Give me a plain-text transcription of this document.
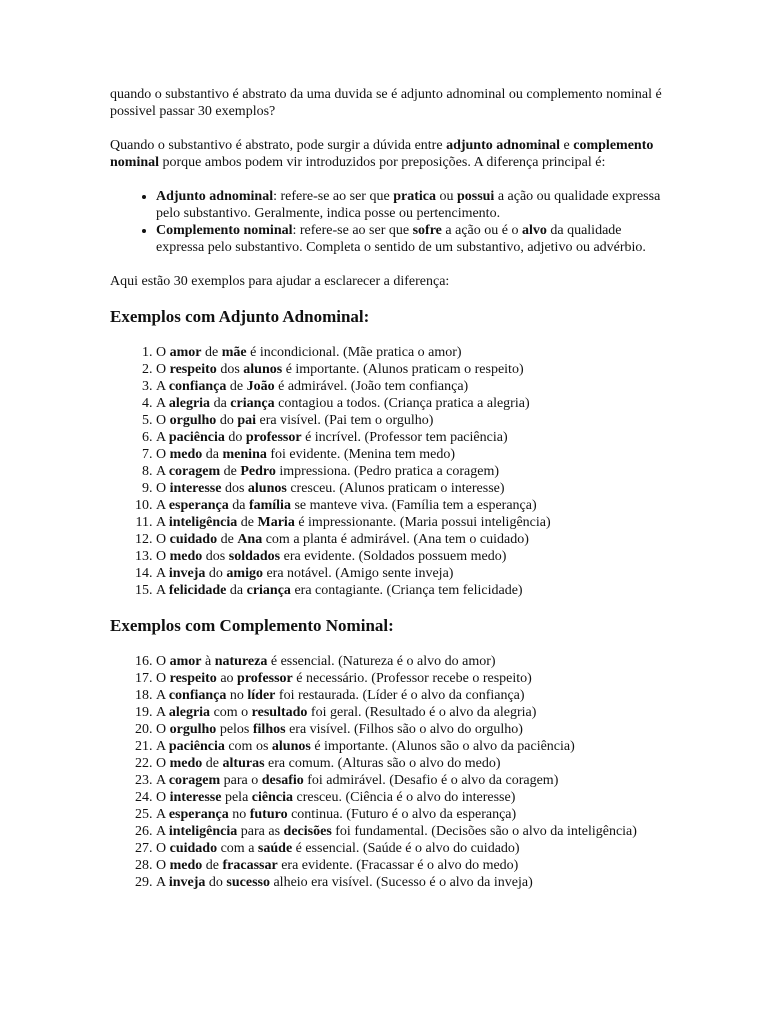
quando o substantivo é abstrato da uma duvida se é adjunto adnominal ou complemento nominal é possivel passar 30 exemplos?

Quando o substantivo é abstrato, pode surgir a dúvida entre adjunto adnominal e complemento nominal porque ambos podem vir introduzidos por preposições. A diferença principal é:

• Adjunto adnominal: refere-se ao ser que pratica ou possui a ação ou qualidade expressa pelo substantivo. Geralmente, indica posse ou pertencimento.
• Complemento nominal: refere-se ao ser que sofre a ação ou é o alvo da qualidade expressa pelo substantivo. Completa o sentido de um substantivo, adjetivo ou advérbio.

Aqui estão 30 exemplos para ajudar a esclarecer a diferença:

Exemplos com Adjunto Adnominal:
1. O amor de mãe é incondicional. (Mãe pratica o amor)
2. O respeito dos alunos é importante. (Alunos praticam o respeito)
3. A confiança de João é admirável. (João tem confiança)
4. A alegria da criança contagiou a todos. (Criança pratica a alegria)
5. O orgulho do pai era visível. (Pai tem o orgulho)
6. A paciência do professor é incrível. (Professor tem paciência)
7. O medo da menina foi evidente. (Menina tem medo)
8. A coragem de Pedro impressiona. (Pedro pratica a coragem)
9. O interesse dos alunos cresceu. (Alunos praticam o interesse)
10. A esperança da família se manteve viva. (Família tem a esperança)
11. A inteligência de Maria é impressionante. (Maria possui inteligência)
12. O cuidado de Ana com a planta é admirável. (Ana tem o cuidado)
13. O medo dos soldados era evidente. (Soldados possuem medo)
14. A inveja do amigo era notável. (Amigo sente inveja)
15. A felicidade da criança era contagiante. (Criança tem felicidade)
Exemplos com Complemento Nominal:
16. O amor à natureza é essencial. (Natureza é o alvo do amor)
17. O respeito ao professor é necessário. (Professor recebe o respeito)
18. A confiança no líder foi restaurada. (Líder é o alvo da confiança)
19. A alegria com o resultado foi geral. (Resultado é o alvo da alegria)
20. O orgulho pelos filhos era visível. (Filhos são o alvo do orgulho)
21. A paciência com os alunos é importante. (Alunos são o alvo da paciência)
22. O medo de alturas era comum. (Alturas são o alvo do medo)
23. A coragem para o desafio foi admirável. (Desafio é o alvo da coragem)
24. O interesse pela ciência cresceu. (Ciência é o alvo do interesse)
25. A esperança no futuro continua. (Futuro é o alvo da esperança)
26. A inteligência para as decisões foi fundamental. (Decisões são o alvo da inteligência)
27. O cuidado com a saúde é essencial. (Saúde é o alvo do cuidado)
28. O medo de fracassar era evidente. (Fracassar é o alvo do medo)
29. A inveja do sucesso alheio era visível. (Sucesso é o alvo da inveja)
